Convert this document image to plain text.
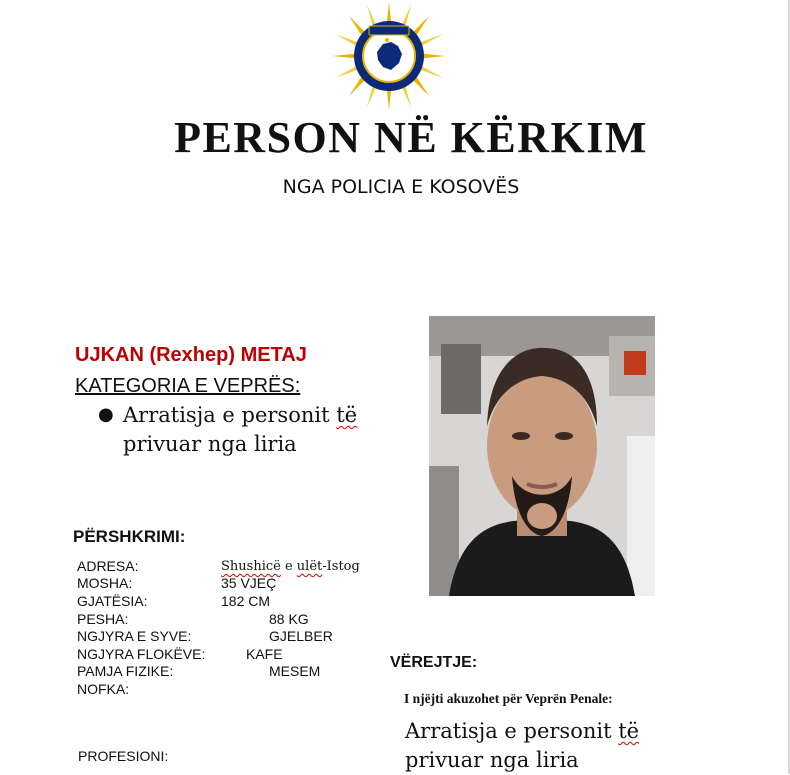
PERSON NË KËRKIM
NGA POLICIA E KOSOVËS
UJKAN (Rexhep) METAJ
KATEGORIA E VEPRËS:
● Arratisja e personit të privuar nga liria
PËRSHKRIMI:
ADRESA:	Shushicë e ulët-Istog
MOSHA:	35 VJEÇ
GJATËSIA:	182 CM
PESHA:	88 KG
NGJYRA E SYVE:	GJELBER
NGJYRA FLOKËVE:	KAFE
PAMJA FIZIKE:	MESEM
NOFKA:
PROFESIONI:
VËREJTJE:
I njëjti akuzohet për Veprën Penale:
Arratisja e personit të privuar nga liria
